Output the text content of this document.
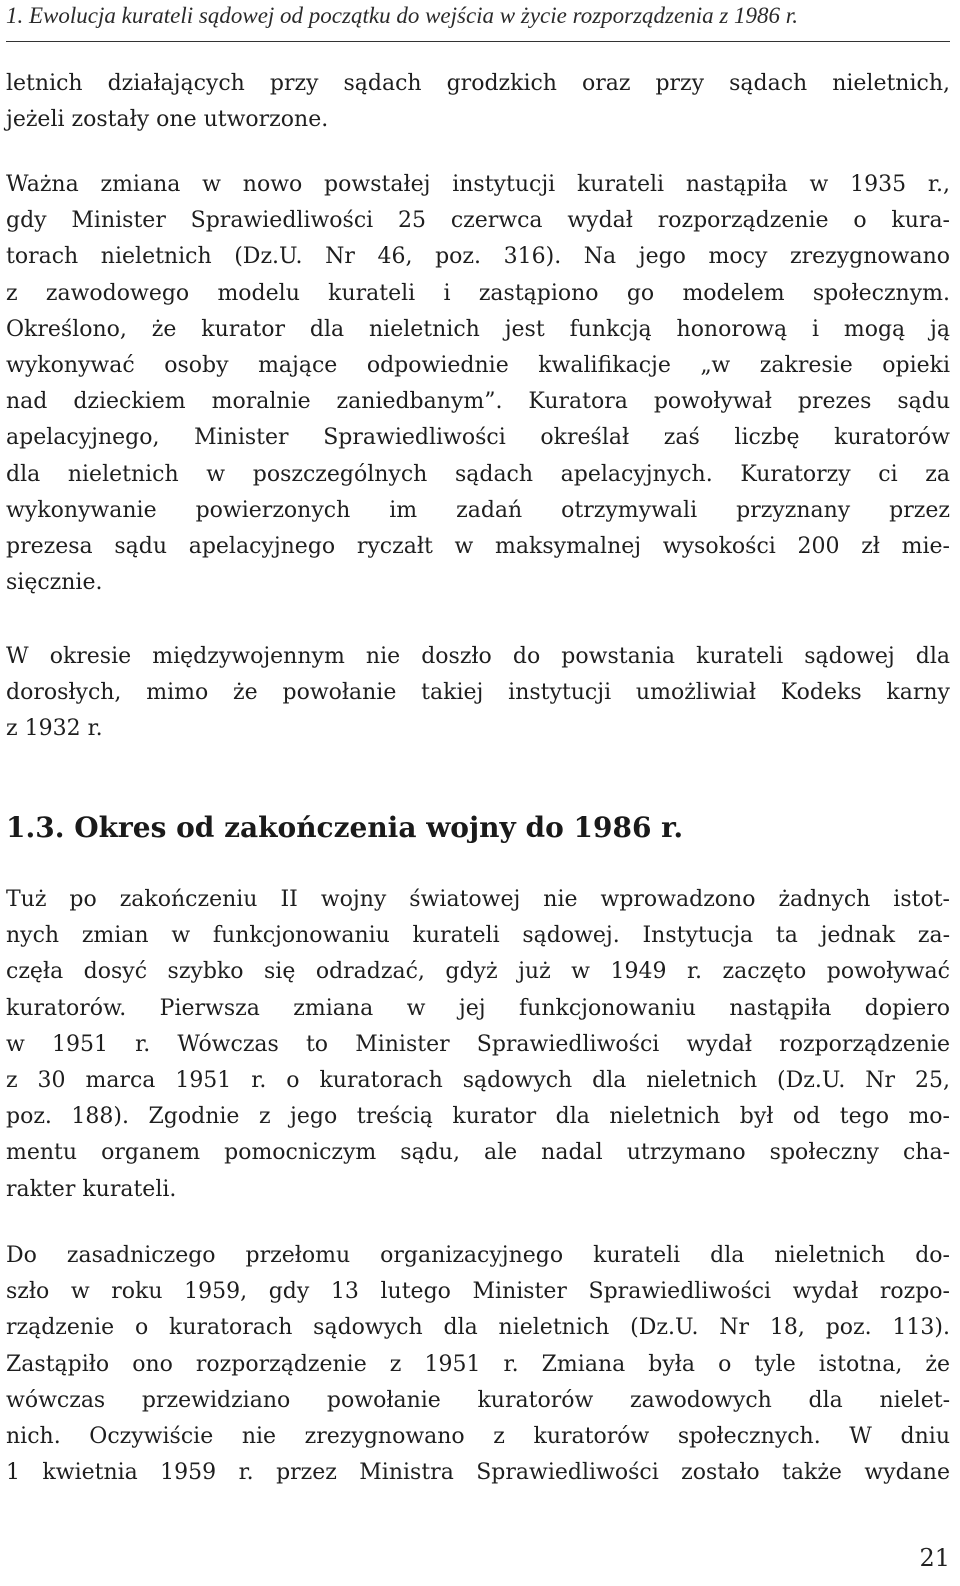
1. Ewolucja kurateli sądowej od początku do wejścia w życie rozporządzenia z 1986 r.
letnich działających przy sądach grodzkich oraz przy sądach nieletnich,
jeżeli zostały one utworzone.
Ważna zmiana w nowo powstałej instytucji kurateli nastąpiła w 1935 r.,
gdy Minister Sprawiedliwości 25 czerwca wydał rozporządzenie o kura-
torach nieletnich (Dz.U. Nr 46, poz. 316). Na jego mocy zrezygnowano
z zawodowego modelu kurateli i zastąpiono go modelem społecznym.
Określono, że kurator dla nieletnich jest funkcją honorową i mogą ją
wykonywać osoby mające odpowiednie kwalifikacje „w zakresie opieki
nad dzieckiem moralnie zaniedbanym”. Kuratora powoływał prezes sądu
apelacyjnego, Minister Sprawiedliwości określał zaś liczbę kuratorów
dla nieletnich w poszczególnych sądach apelacyjnych. Kuratorzy ci za
wykonywanie powierzonych im zadań otrzymywali przyznany przez
prezesa sądu apelacyjnego ryczałt w maksymalnej wysokości 200 zł mie-
sięcznie.
W okresie międzywojennym nie doszło do powstania kurateli sądowej dla
dorosłych, mimo że powołanie takiej instytucji umożliwiał Kodeks karny
z 1932 r.
1.3. Okres od zakończenia wojny do 1986 r.
Tuż po zakończeniu II wojny światowej nie wprowadzono żadnych istot-
nych zmian w funkcjonowaniu kurateli sądowej. Instytucja ta jednak za-
częła dosyć szybko się odradzać, gdyż już w 1949 r. zaczęto powoływać
kuratorów. Pierwsza zmiana w jej funkcjonowaniu nastąpiła dopiero
w 1951 r. Wówczas to Minister Sprawiedliwości wydał rozporządzenie
z 30 marca 1951 r. o kuratorach sądowych dla nieletnich (Dz.U. Nr 25,
poz. 188). Zgodnie z jego treścią kurator dla nieletnich był od tego mo-
mentu organem pomocniczym sądu, ale nadal utrzymano społeczny cha-
rakter kurateli.
Do zasadniczego przełomu organizacyjnego kurateli dla nieletnich do-
szło w roku 1959, gdy 13 lutego Minister Sprawiedliwości wydał rozpo-
rządzenie o kuratorach sądowych dla nieletnich (Dz.U. Nr 18, poz. 113).
Zastąpiło ono rozporządzenie z 1951 r. Zmiana była o tyle istotna, że
wówczas przewidziano powołanie kuratorów zawodowych dla nielet-
nich. Oczywiście nie zrezygnowano z kuratorów społecznych. W dniu
1 kwietnia 1959 r. przez Ministra Sprawiedliwości zostało także wydane
21
